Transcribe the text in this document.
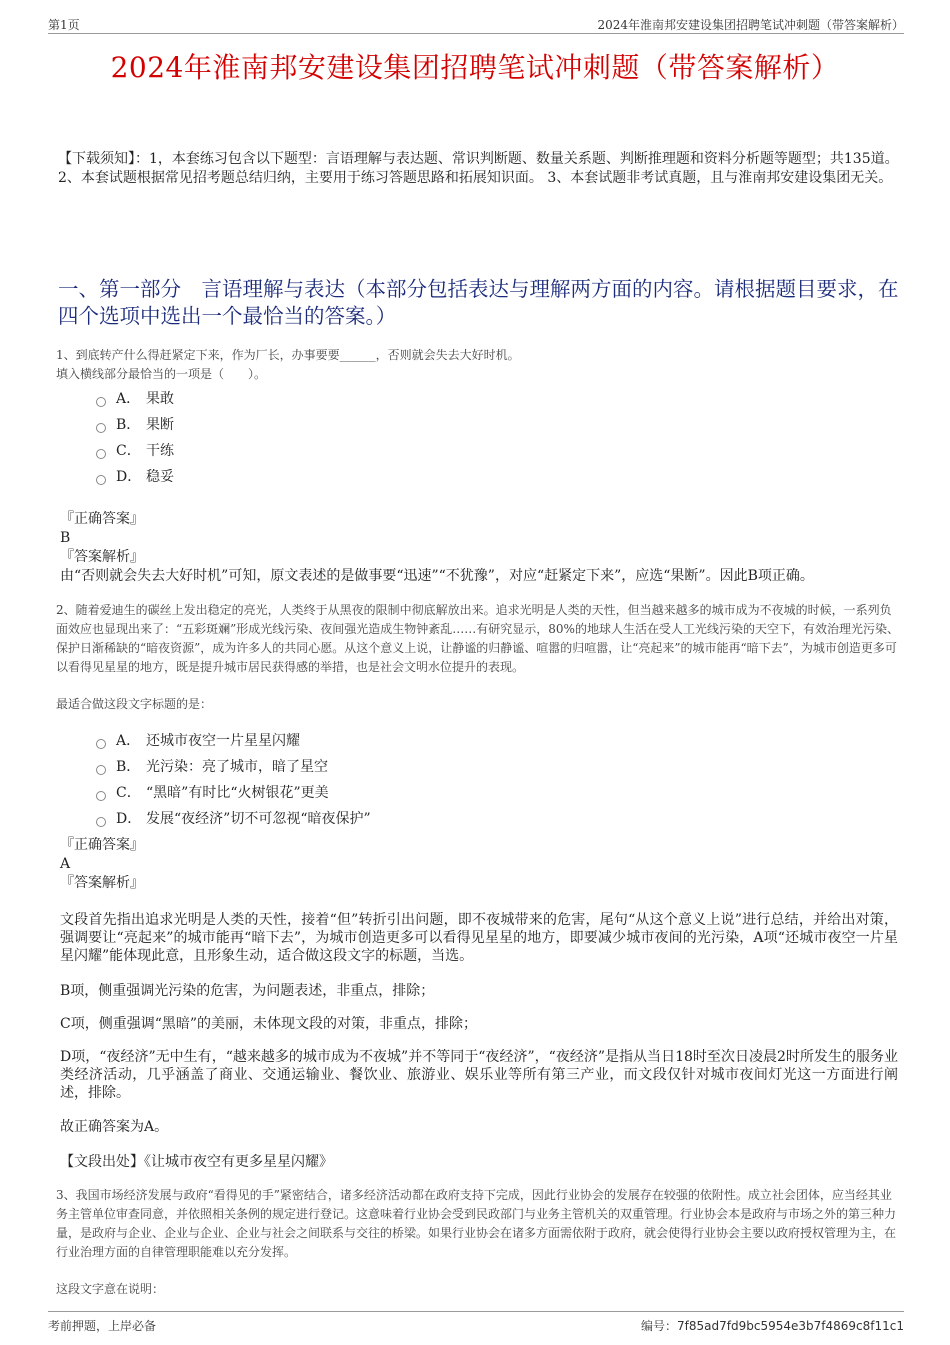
第1页	2024年淮南邦安建设集团招聘笔试冲刺题（带答案解析）
2024年淮南邦安建设集团招聘笔试冲刺题（带答案解析）
【下载须知】：1，本套练习包含以下题型：言语理解与表达题、常识判断题、数量关系题、判断推理题和资料分析题等题型；共135道。 2、本套试题根据常见招考题总结归纳，主要用于练习答题思路和拓展知识面。 3、本套试题非考试真题，且与淮南邦安建设集团无关。
一、第一部分　言语理解与表达（本部分包括表达与理解两方面的内容。请根据题目要求，在四个选项中选出一个最恰当的答案。）
1、到底转产什么得赶紧定下来，作为厂长，办事要要______，否则就会失去大好时机。
填入横线部分最恰当的一项是（　　）。
A． 果敢
B． 果断
C． 干练
D． 稳妥
『正确答案』
B
『答案解析』
由“否则就会失去大好时机”可知，原文表述的是做事要“迅速”“不犹豫”，对应“赶紧定下来”，应选“果断”。因此B项正确。
2、随着爱迪生的碳丝上发出稳定的亮光，人类终于从黑夜的限制中彻底解放出来。追求光明是人类的天性，但当越来越多的城市成为不夜城的时候，一系列负面效应也显现出来了：“五彩斑斓”形成光线污染、夜间强光造成生物钟紊乱……有研究显示，80%的地球人生活在受人工光线污染的天空下，有效治理光污染、保护日渐稀缺的“暗夜资源”，成为许多人的共同心愿。从这个意义上说，让静谧的归静谧、喧嚣的归喧嚣，让“亮起来”的城市能再“暗下去”，为城市创造更多可以看得见星星的地方，既是提升城市居民获得感的举措，也是社会文明水位提升的表现。
最适合做这段文字标题的是：
A． 还城市夜空一片星星闪耀
B． 光污染：亮了城市，暗了星空
C． “黑暗”有时比“火树银花”更美
D． 发展“夜经济”切不可忽视“暗夜保护”
『正确答案』
A
『答案解析』
文段首先指出追求光明是人类的天性，接着“但”转折引出问题，即不夜城带来的危害，尾句“从这个意义上说”进行总结，并给出对策，强调要让“亮起来”的城市能再“暗下去”，为城市创造更多可以看得见星星的地方，即要减少城市夜间的光污染，A项“还城市夜空一片星星闪耀”能体现此意，且形象生动，适合做这段文字的标题，当选。
B项，侧重强调光污染的危害，为问题表述，非重点，排除；
C项，侧重强调“黑暗”的美丽，未体现文段的对策，非重点，排除；
D项，“夜经济”无中生有，“越来越多的城市成为不夜城”并不等同于“夜经济”，“夜经济”是指从当日18时至次日凌晨2时所发生的服务业类经济活动，几乎涵盖了商业、交通运输业、餐饮业、旅游业、娱乐业等所有第三产业，而文段仅针对城市夜间灯光这一方面进行阐述，排除。
故正确答案为A。
【文段出处】《让城市夜空有更多星星闪耀》
3、我国市场经济发展与政府“看得见的手”紧密结合，诸多经济活动都在政府支持下完成，因此行业协会的发展存在较强的依附性。成立社会团体，应当经其业务主管单位审查同意，并依照相关条例的规定进行登记。这意味着行业协会受到民政部门与业务主管机关的双重管理。行业协会本是政府与市场之外的第三种力量，是政府与企业、企业与企业、企业与社会之间联系与交往的桥梁。如果行业协会在诸多方面需依附于政府，就会使得行业协会主要以政府授权管理为主，在行业治理方面的自律管理职能难以充分发挥。
这段文字意在说明：
考前押题，上岸必备	编号：7f85ad7fd9bc5954e3b7f4869c8f11c1
